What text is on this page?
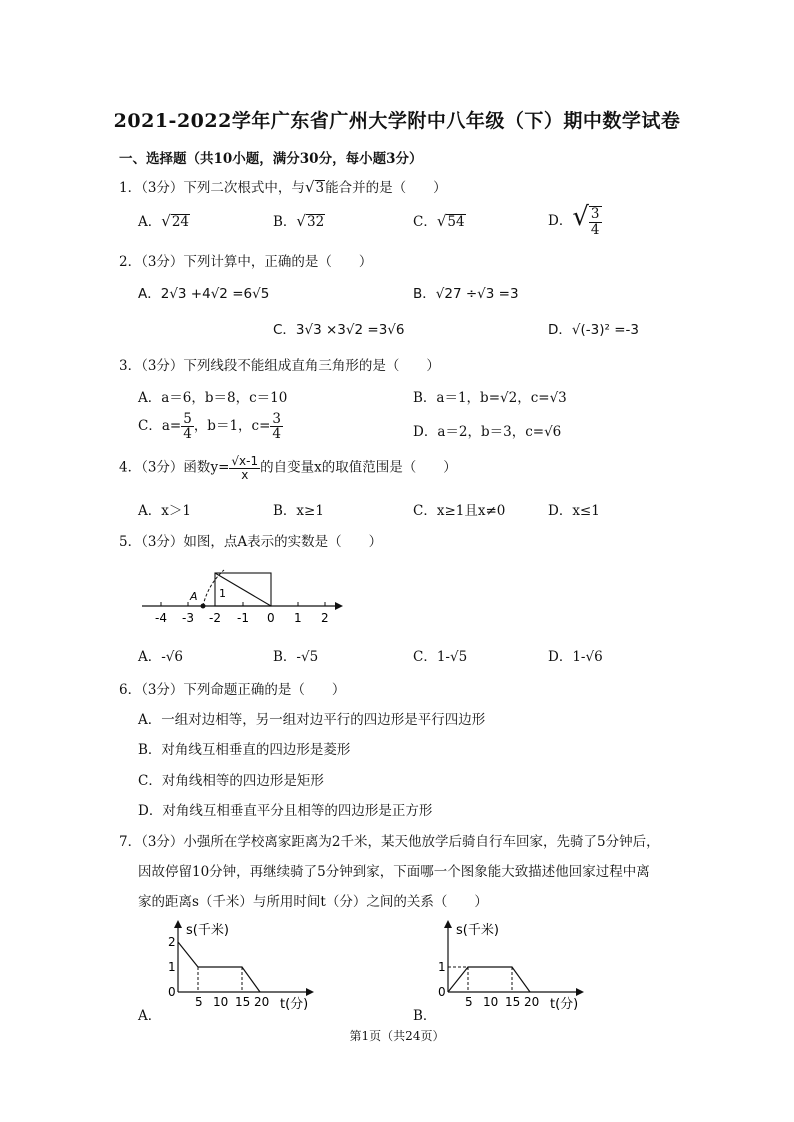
2021-2022学年广东省广州大学附中八年级（下）期中数学试卷
一、选择题（共10小题，满分30分，每小题3分）
1．（3分）下列二次根式中，与√3能合并的是（　　）
A．√24	B．√32	C．√54	D．√ $\frac{3}{4}$
2．（3分）下列计算中，正确的是（　　）
A．2√3 +4√2 =6√5	B．√27 ÷√3 =3
C．3√3 ×3√2 =3√6	D．√(-3)² =-3
3．（3分）下列线段不能组成直角三角形的是（　　）
A．a＝6，b＝8，c＝10	B．a＝1，b=√2，c=√3
C．$a= \frac{5}{4}$ ，b＝1，$c= \frac{3}{4}$	D．a＝2，b＝3，c=√6
4．（3分）函数$y= \frac{√x-1}{x}$ 的自变量x的取值范围是（　　）
A．x＞1	B．x≥1	C．x≥1且x≠0	D．x≤1
5．（3分）如图，点A表示的实数是（　　）
A 1
-4 -3 -2 -1 0 1 2
A．-√6	B．-√5	C．1-√5	D．1-√6
6．（3分）下列命题正确的是（　　）
A．一组对边相等，另一组对边平行的四边形是平行四边形
B．对角线互相垂直的四边形是菱形
C．对角线相等的四边形是矩形
D．对角线互相垂直平分且相等的四边形是正方形
7．（3分）小强所在学校离家距离为2千米，某天他放学后骑自行车回家，先骑了5分钟后，
因故停留10分钟，再继续骑了5分钟到家，下面哪一个图象能大致描述他回家过程中离
家的距离s（千米）与所用时间t（分）之间的关系（　　）
s(千米)
t(分)
2
1
0
5 10 15 20
A．
s(千米)
t(分)
1
0
5 10 15 20
B．
第1页（共24页）
